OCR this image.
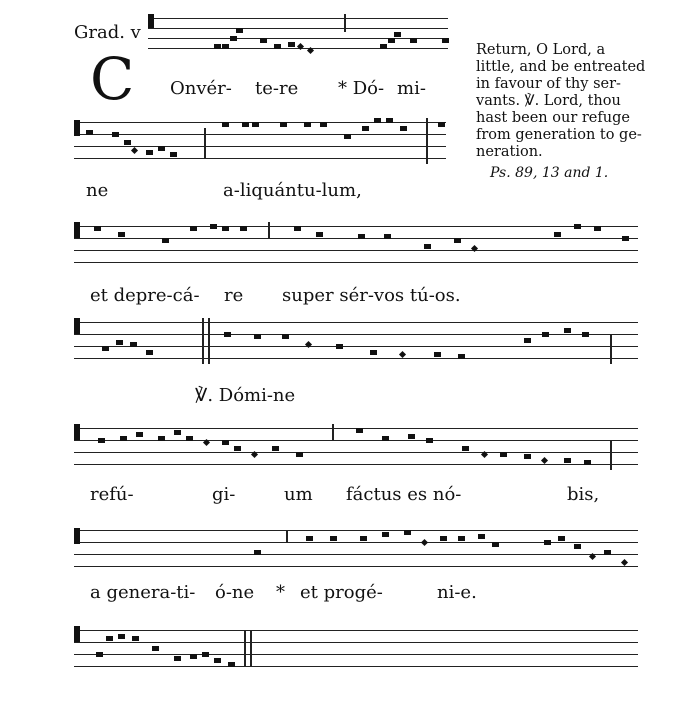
Grad. v
C	Return, O Lord, a
little, and be entreated
in favour of thy ser-
vants. ℣. Lord, thou
hast been our refuge
from generation to ge-
neration.
Ps. 89, 13 and 1.
Onvér- te-re * Dó- mi-
ne	a-liquántu-lum,
et depre-cá- re super sér-vos tú-os.
℣. Dómi-ne
refú-	gi-	um fáctus es nó-	bis,
a genera-ti- ó-ne * et progé-	ni-e.
